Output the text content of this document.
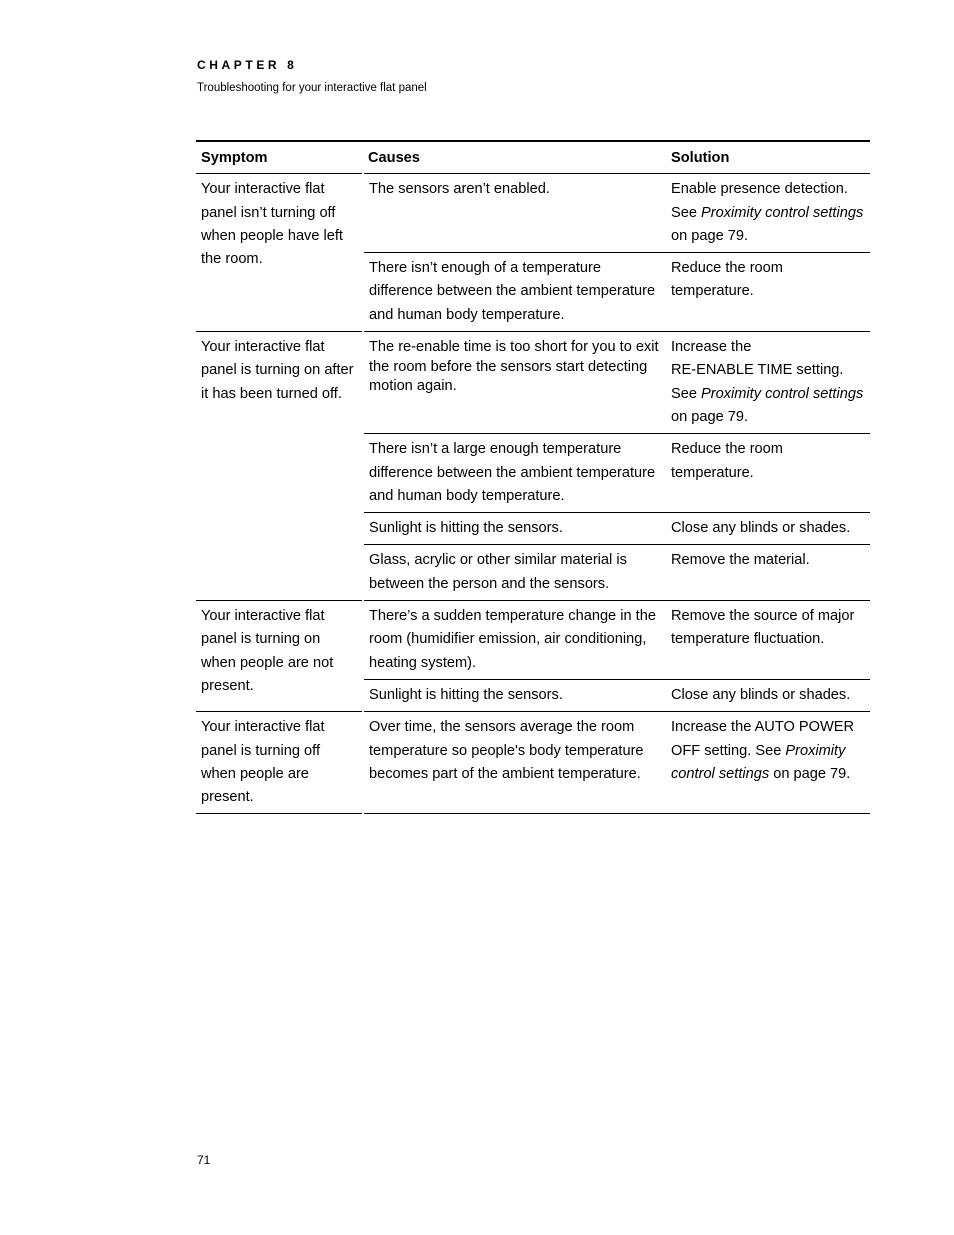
CHAPTER 8
Troubleshooting for your interactive flat panel
Symptom	Causes	Solution
Your interactive flat panel isn’t turning off when people have left the room.	The sensors aren’t enabled.	Enable presence detection.
See Proximity control settings on page 79.
	There isn’t enough of a temperature difference between the ambient temperature and human body temperature.	Reduce the room temperature.
Your interactive flat panel is turning on after it has been turned off.	The re-enable time is too short for you to exit the room before the sensors start detecting motion again.	Increase the
RE-ENABLE TIME setting.
See Proximity control settings on page 79.
	There isn’t a large enough temperature difference between the ambient temperature and human body temperature.	Reduce the room temperature.
	Sunlight is hitting the sensors.	Close any blinds or shades.
	Glass, acrylic or other similar material is between the person and the sensors.	Remove the material.
Your interactive flat panel is turning on when people are not present.	There’s a sudden temperature change in the room (humidifier emission, air conditioning, heating system).	Remove the source of major temperature fluctuation.
	Sunlight is hitting the sensors.	Close any blinds or shades.
Your interactive flat panel is turning off when people are present.	Over time, the sensors average the room temperature so people's body temperature becomes part of the ambient temperature.	Increase the AUTO POWER OFF setting. See Proximity control settings on page 79.
71
